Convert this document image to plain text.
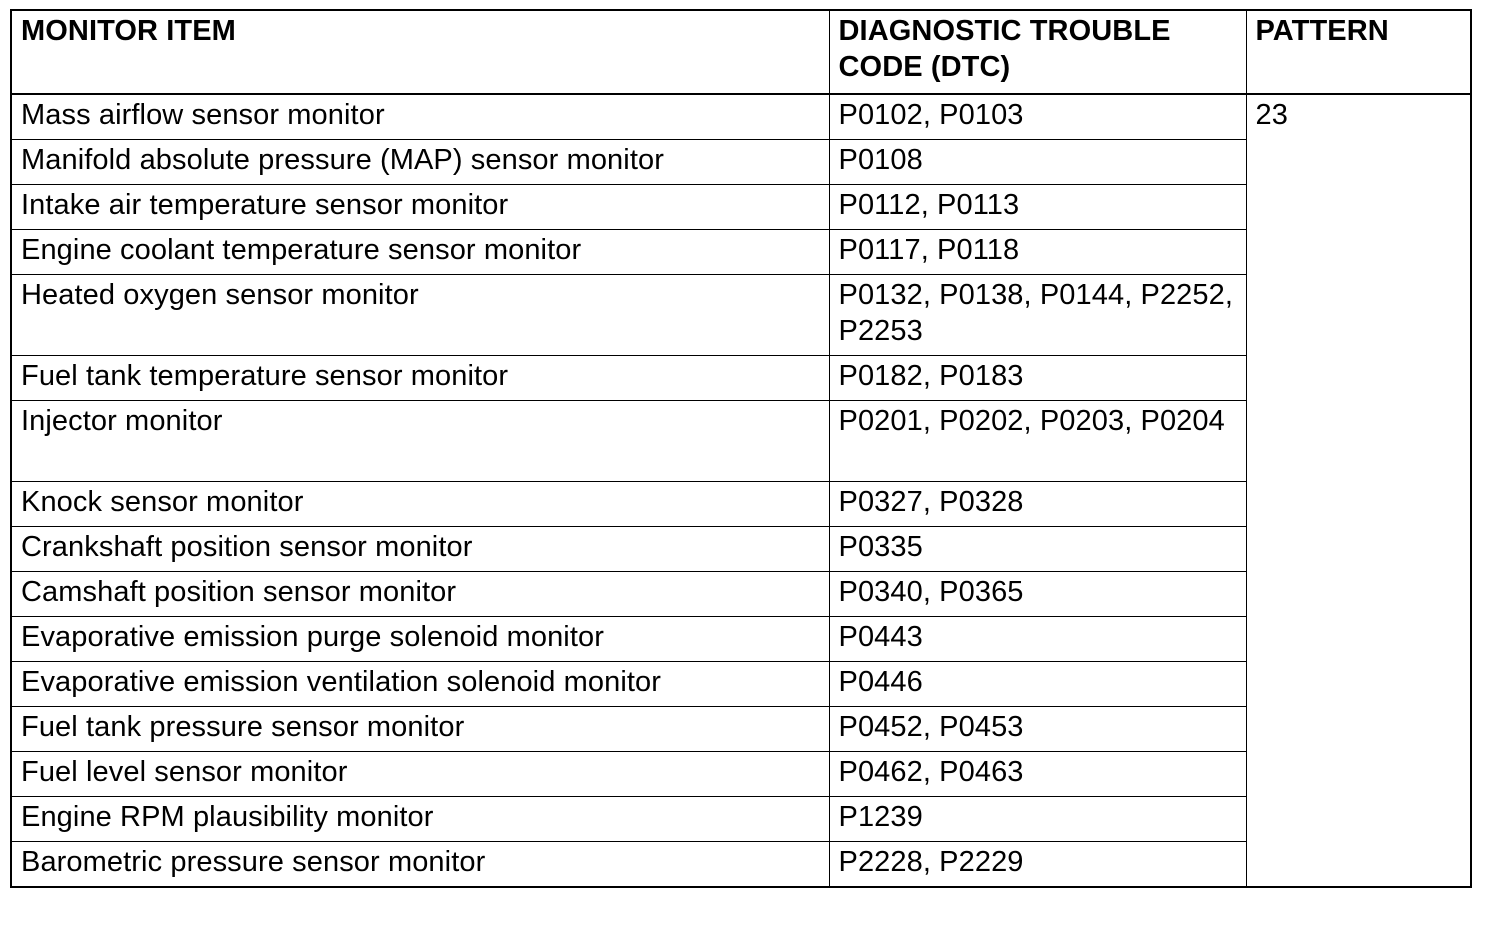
MONITOR ITEM	DIAGNOSTIC TROUBLE CODE (DTC)	PATTERN
Mass airflow sensor monitor	P0102, P0103	23
Manifold absolute pressure (MAP) sensor monitor	P0108	
Intake air temperature sensor monitor	P0112, P0113	
Engine coolant temperature sensor monitor	P0117, P0118	
Heated oxygen sensor monitor	P0132, P0138, P0144, P2252, P2253	
Fuel tank temperature sensor monitor	P0182, P0183	
Injector monitor	P0201, P0202, P0203, P0204	
Knock sensor monitor	P0327, P0328	
Crankshaft position sensor monitor	P0335	
Camshaft position sensor monitor	P0340, P0365	
Evaporative emission purge solenoid monitor	P0443	
Evaporative emission ventilation solenoid monitor	P0446	
Fuel tank pressure sensor monitor	P0452, P0453	
Fuel level sensor monitor	P0462, P0463	
Engine RPM plausibility monitor	P1239	
Barometric pressure sensor monitor	P2228, P2229	
